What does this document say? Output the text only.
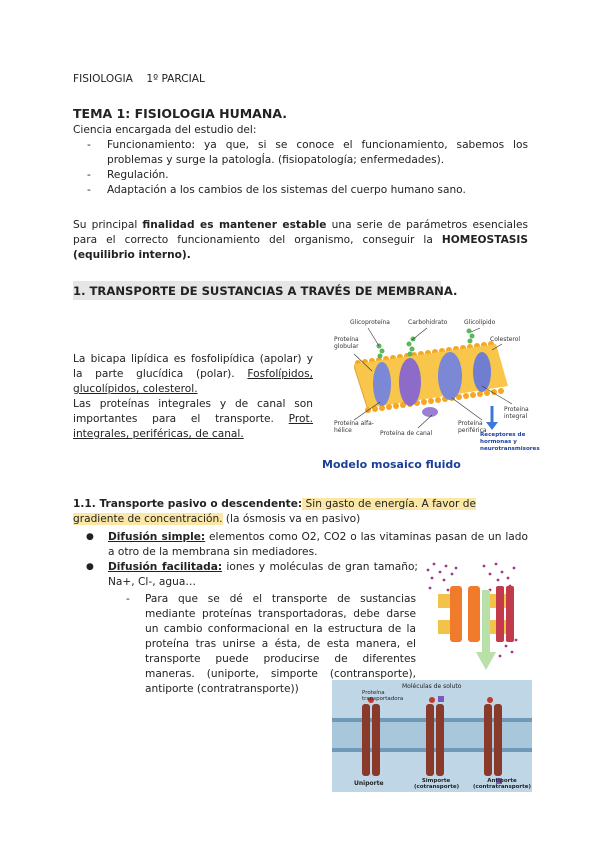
FISIOLOGIA 1º PARCIAL
TEMA 1: FISIOLOGIA HUMANA.
Ciencia encargada del estudio del:
- Funcionamiento: ya que, si se conoce el funcionamiento, sabemos los problemas y surge la patologÍa. (fisiopatología; enfermedades).
- Regulación.
- Adaptación a los cambios de los sistemas del cuerpo humano sano.
Su principal finalidad es mantener estable una serie de parámetros esenciales para el correcto funcionamiento del organismo, conseguir la HOMEOSTASIS (equilibrio interno).
1. TRANSPORTE DE SUSTANCIAS A TRAVÉS DE MEMBRANA.
La bicapa lipídica es fosfolipídica (apolar) y la parte glucídica (polar). Fosfolípidos, glucolípidos, colesterol.
Las proteínas integrales y de canal son importantes para el transporte. Prot. integrales, periféricas, de canal.
Glicoproteína	Carbohidrato	Glicolípido
Colesterol
Proteína globular
Proteína integral
Proteína alfa-hélice	Proteína de canal
Proteína periférica
Modelo mosaico fluido
Receptores de hormonas y neurotransmisores
1.1. Transporte pasivo o descendente: Sin gasto de energía. A favor de gradiente de concentración. (la ósmosis va en pasivo)
●	Difusión simple: elementos como O2, CO2 o las vitaminas pasan de un lado a otro de la membrana sin mediadores.
●	Difusión facilitada: iones y moléculas de gran tamaño; Na+, Cl-, agua…
-	Para que se dé el transporte de sustancias mediante proteínas transportadoras, debe darse un cambio conformacional en la estructura de la proteína tras unirse a ésta, de esta manera, el transporte puede producirse de diferentes maneras. (uniporte, simporte (contransporte), antiporte (contratransporte))	Moléculas de soluto
Proteína transportadora
Uniporte	Simporte (cotransporte)
Antiporte (contratransporte)
